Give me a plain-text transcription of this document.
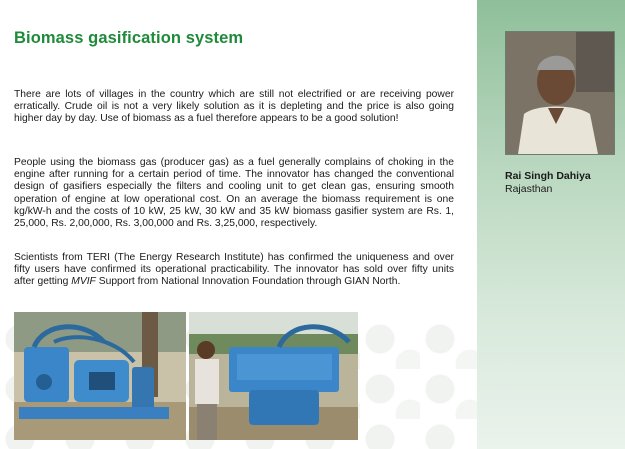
Biomass gasification system
There are lots of villages in the country which are still not electrified or are receiving power erratically. Crude oil is not a very likely solution as it is depleting and the price is also going higher day by day. Use of biomass as a fuel therefore appears to be a good solution!
People using the biomass gas (producer gas) as a fuel generally complains of choking in the engine after running for a certain period of time. The innovator has changed the conventional design of gasifiers especially the filters and cooling unit to get clean gas, ensuring smooth operation of engine at low operational cost. On an average the biomass requirement is one kg/kW-h and the costs of 10 kW, 25 kW, 30 kW and 35 kW biomass gasifier system are Rs. 1, 25,000, Rs. 2,00,000, Rs. 3,00,000 and Rs. 3,25,000, respectively.
Scientists from TERI (The Energy Research Institute) has confirmed the uniqueness and over fifty users have confirmed its operational practicability. The innovator has sold over fifty units after getting MVIF Support from National Innovation Foundation through GIAN North.
Rai Singh Dahiya
Rajasthan
